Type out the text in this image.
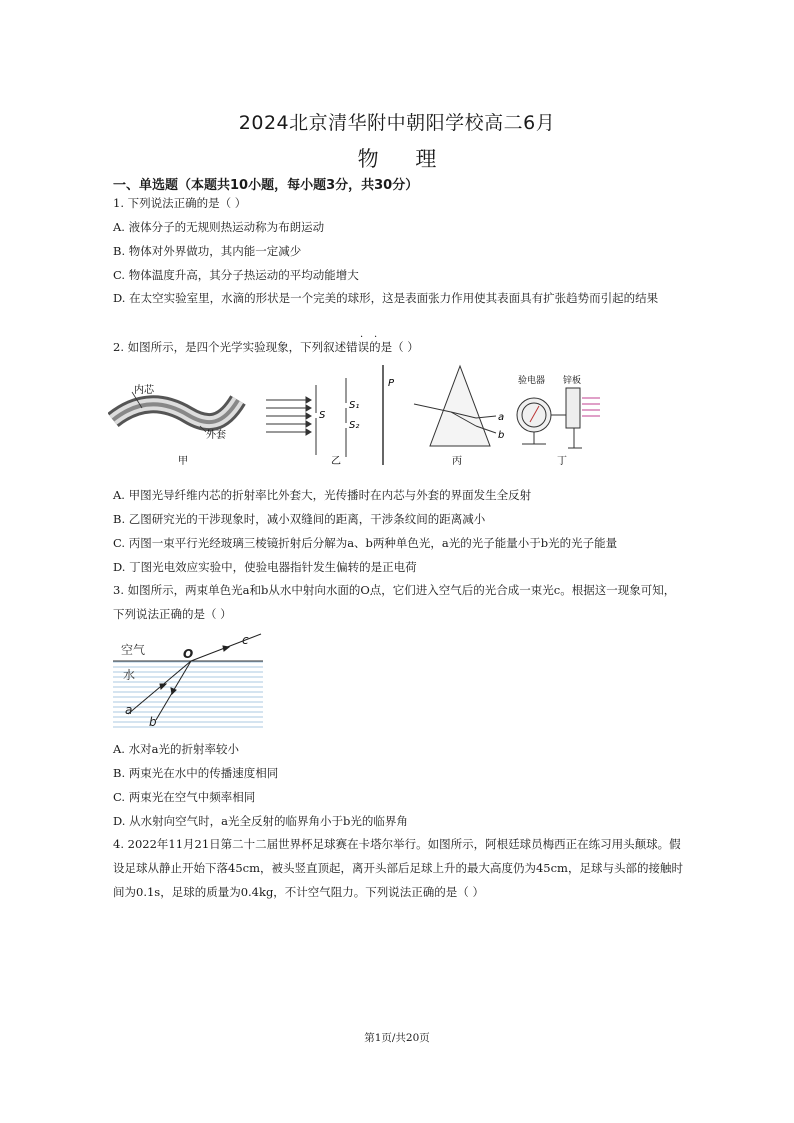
2024北京清华附中朝阳学校高二6月
物 理
一、单选题（本题共10小题，每小题3分，共30分）
1. 下列说法正确的是（ ）
A. 液体分子的无规则热运动称为布朗运动
B. 物体对外界做功，其内能一定减少
C. 物体温度升高，其分子热运动的平均动能增大
D. 在太空实验室里，水滴的形状是一个完美的球形，这是表面张力作用使其表面具有扩张趋势而引起的结果
2. 如图所示，是四个光学实验现象，下列叙述错误的是（ ）
· ·
内芯
外套
甲
S
S₁
S₂
P
乙
a
b
丙
验电器 锌板
丁
A. 甲图光导纤维内芯的折射率比外套大，光传播时在内芯与外套的界面发生全反射
B. 乙图研究光的干涉现象时，减小双缝间的距离，干涉条纹间的距离减小
C. 丙图一束平行光经玻璃三棱镜折射后分解为a、b两种单色光，a光的光子能量小于b光的光子能量
D. 丁图光电效应实验中，使验电器指针发生偏转的是正电荷
3. 如图所示，两束单色光a和b从水中射向水面的O点，它们进入空气后的光合成一束光c。根据这一现象可知，下列说法正确的是（ ）
空气
水
O
c
a
b
A. 水对a光的折射率较小
B. 两束光在水中的传播速度相同
C. 两束光在空气中频率相同
D. 从水射向空气时，a光全反射的临界角小于b光的临界角
4. 2022年11月21日第二十二届世界杯足球赛在卡塔尔举行。如图所示，阿根廷球员梅西正在练习用头颠球。假设足球从静止开始下落45cm，被头竖直顶起，离开头部后足球上升的最大高度仍为45cm，足球与头部的接触时间为0.1s，足球的质量为0.4kg，不计空气阻力。下列说法正确的是（ ）
第1页/共20页
